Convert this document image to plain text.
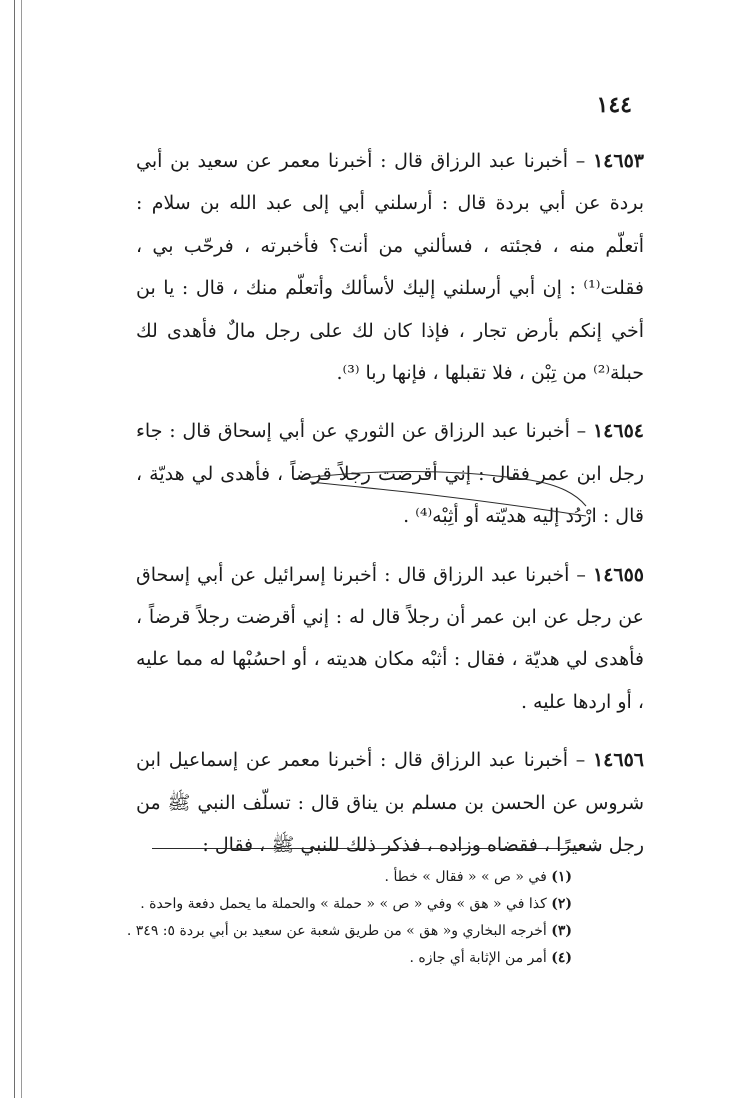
١٤٤

١٤٦٥٣ – أخبرنا عبد الرزاق قال : أخبرنا معمر عن سعيد بن أبي بردة عن أبي بردة قال : أرسلني أبي إلى عبد الله بن سلام : أتعلّم منه ، فجئته ، فسألني من أنت؟ فأخبرته ، فرحّب بي ، فقلت⁽¹⁾ : إن أبي أرسلني إليك لأسألك وأتعلّم منك ، قال : يا بن أخي إنكم بأرض تجار ، فإذا كان لك على رجل مالٌ فأهدى لك حبلة⁽²⁾ من تِبْن ، فلا تقبلها ، فإنها ربا ⁽³⁾.

١٤٦٥٤ – أخبرنا عبد الرزاق عن الثوري عن أبي إسحاق قال : جاء رجل ابن عمر فقال : إني أقرضت رجلاً قرضاً ، فأهدى لي هديّة ، قال : ارْدُد إليه هديّته أو أثِبْه⁽⁴⁾ .

١٤٦٥٥ – أخبرنا عبد الرزاق قال : أخبرنا إسرائيل عن أبي إسحاق عن رجل عن ابن عمر أن رجلاً قال له : إني أقرضت رجلاً قرضاً ، فأهدى لي هديّة ، فقال : أثبْه مكان هديته ، أو احسُبْها له مما عليه ، أو اردها عليه .

١٤٦٥٦ – أخبرنا عبد الرزاق قال : أخبرنا معمر عن إسماعيل ابن شروس عن الحسن بن مسلم بن يناق قال : تسلّف النبي ﷺ من رجل شعيرًا ، فقضاه وزاده ، فذكر ذلك للنبي ﷺ ، فقال :

(١) في « ص » « فقال » خطأ .
(٢) كذا في « هق » وفي « ص » « حملة » والحملة ما يحمل دفعة واحدة .
(٣) أخرجه البخاري و« هق » من طريق شعبة عن سعيد بن أبي بردة ٥: ٣٤٩ .
(٤) أمر من الإثابة أي جازه .
